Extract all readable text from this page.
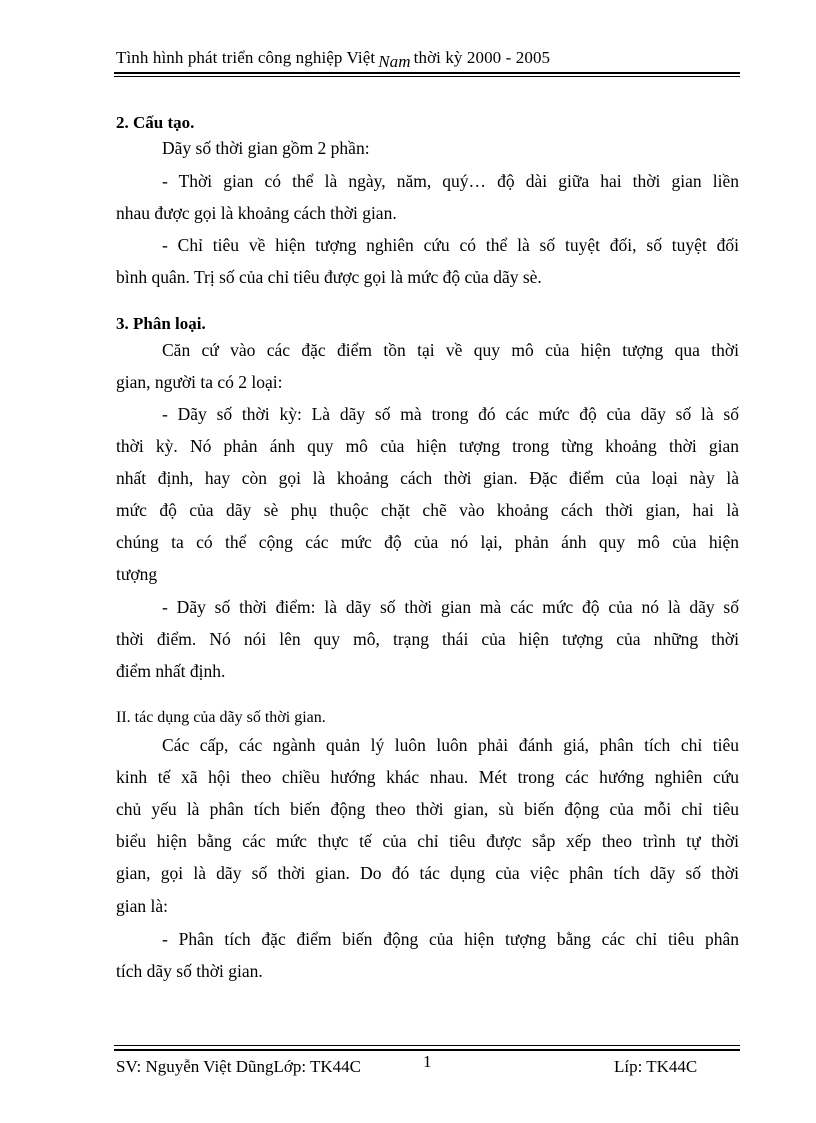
Tình hình phát triển công nghiệp Việt Nam thời kỳ 2000 - 2005
2. Cấu tạo.
Dãy số thời gian gồm 2 phần:
- Thời gian có thể là ngày, năm, quý… độ dài giữa hai thời gian liền
nhau được gọi là khoảng cách thời gian.
- Chỉ tiêu về hiện tượng nghiên cứu có thể là số tuyệt đối, số tuyệt đối
bình quân. Trị số của chỉ tiêu được gọi là mức độ của dãy sè.
3. Phân loại.
Căn cứ vào các đặc điểm tồn tại về quy mô của hiện tượng qua thời
gian, người ta có 2 loại:
- Dãy số thời kỳ: Là dãy số mà trong đó các mức độ của dãy số là số
thời kỳ. Nó phản ánh quy mô của hiện tượng trong từng khoảng thời gian
nhất định, hay còn gọi là khoảng cách thời gian. Đặc điểm của loại này là
mức độ của dãy sè phụ thuộc chặt chẽ vào khoảng cách thời gian, hai là
chúng ta có thể cộng các mức độ của nó lại, phản ánh quy mô của hiện
tượng
- Dãy số thời điểm: là dãy số thời gian mà các mức độ của nó là dãy số
thời điểm. Nó nói lên quy mô, trạng thái của hiện tượng của những thời
điểm nhất định.
II. tác dụng của dãy số thời gian.
Các cấp, các ngành quản lý luôn luôn phải đánh giá, phân tích chỉ tiêu
kinh tế xã hội theo chiều hướng khác nhau. Mét trong các hướng nghiên cứu
chủ yếu là phân tích biến động theo thời gian, sù biến động của mỗi chỉ tiêu
biểu hiện bằng các mức thực tế của chỉ tiêu được sắp xếp theo trình tự thời
gian, gọi là dãy số thời gian. Do đó tác dụng của việc phân tích dãy số thời
gian là:
- Phân tích đặc điểm biến động của hiện tượng bằng các chỉ tiêu phân
tích dãy số thời gian.
SV: Nguyễn Việt DũngLớp: TK44C	1	Líp: TK44C
